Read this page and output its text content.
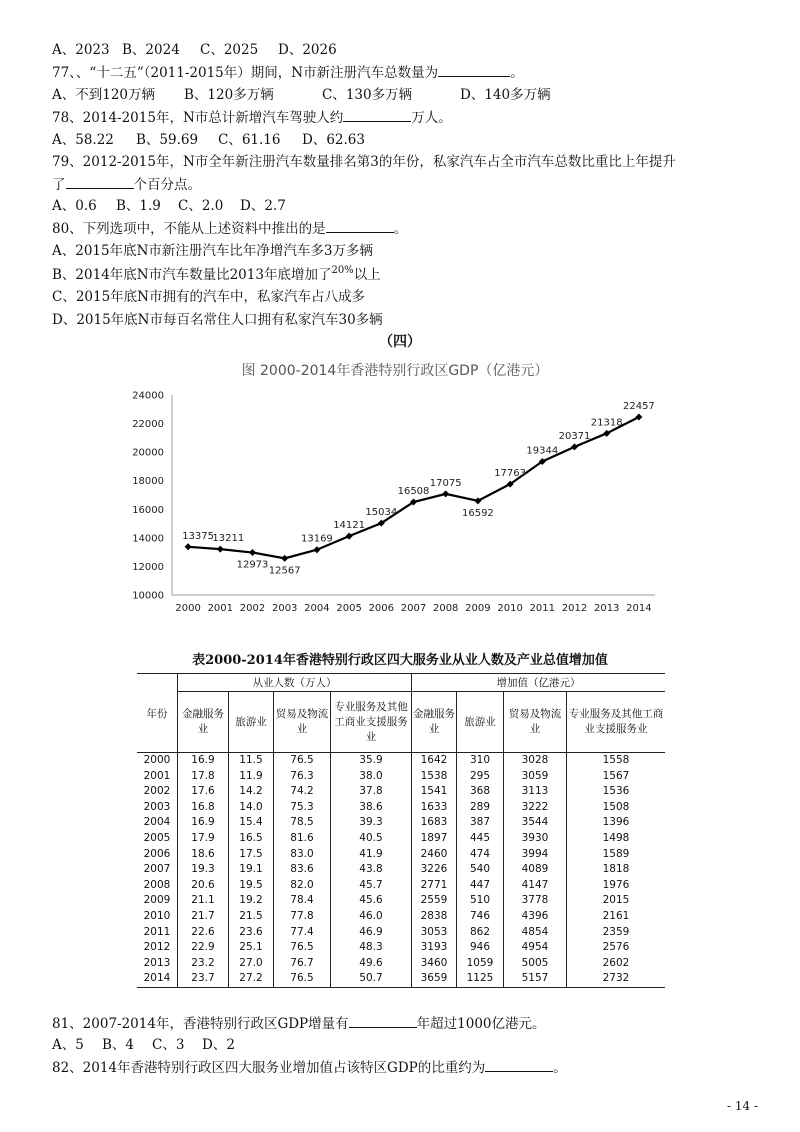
A、2023 B、2024 C、2025 D、2026
77、、“十二五”（2011-2015年）期间，N市新注册汽车总数量为	。
A、不到120万辆 B、120多万辆	C、130多万辆	D、140多万辆
78、2014-2015年，N市总计新增汽车驾驶人约	万人。
A、58.22 B、59.69 C、61.16 D、62.63
79、2012-2015年，N市全年新注册汽车数量排名第3的年份，私家汽车占全市汽车总数比重比上年提升
了	个百分点。
A、0.6 B、1.9 C、2.0 D、2.7
80、下列选项中，不能从上述资料中推出的是	。
A、2015年底N市新注册汽车比年净增汽车多3万多辆
B、2014年底N市汽车数量比2013年底增加了$^{20\%}$以上
C、2015年底N市拥有的汽车中，私家汽车占八成多
D、2015年底N市每百名常住人口拥有私家汽车30多辆
（四）
图 2000-2014年香港特别行政区GDP（亿港元）
10000
12000
14000
16000
18000
20000
22000
24000
2000 2001 2002 2003 2004 2005 2006 2007 2008 2009 2010 2011 2012 2013 2014
13375
13211
12973
12567
13169
14121
15034
16508
17075
16592
17763
19344
20371
21318
22457
表2000-2014年香港特别行政区四大服务业从业人数及产业总值增加值
年份	从业人数（万人）				增加值（亿港元）			
	金融服务业	旅游业	贸易及物流业	专业服务及其他工商业支援服务业	金融服务业	旅游业	贸易及物流业	专业服务及其他工商业支援服务业
2000	16.9	11.5	76.5	35.9	1642	310	3028	1558
2001	17.8	11.9	76.3	38.0	1538	295	3059	1567
2002	17.6	14.2	74.2	37.8	1541	368	3113	1536
2003	16.8	14.0	75.3	38.6	1633	289	3222	1508
2004	16.9	15.4	78.5	39.3	1683	387	3544	1396
2005	17.9	16.5	81.6	40.5	1897	445	3930	1498
2006	18.6	17.5	83.0	41.9	2460	474	3994	1589
2007	19.3	19.1	83.6	43.8	3226	540	4089	1818
2008	20.6	19.5	82.0	45.7	2771	447	4147	1976
2009	21.1	19.2	78.4	45.6	2559	510	3778	2015
2010	21.7	21.5	77.8	46.0	2838	746	4396	2161
2011	22.6	23.6	77.4	46.9	3053	862	4854	2359
2012	22.9	25.1	76.5	48.3	3193	946	4954	2576
2013	23.2	27.0	76.7	49.6	3460	1059	5005	2602
2014	23.7	27.2	76.5	50.7	3659	1125	5157	2732
81、2007-2014年，香港特别行政区GDP增量有	年超过1000亿港元。
A、5 B、4 C、3 D、2
82、2014年香港特别行政区四大服务业增加值占该特区GDP的比重约为	。
- 14 -
